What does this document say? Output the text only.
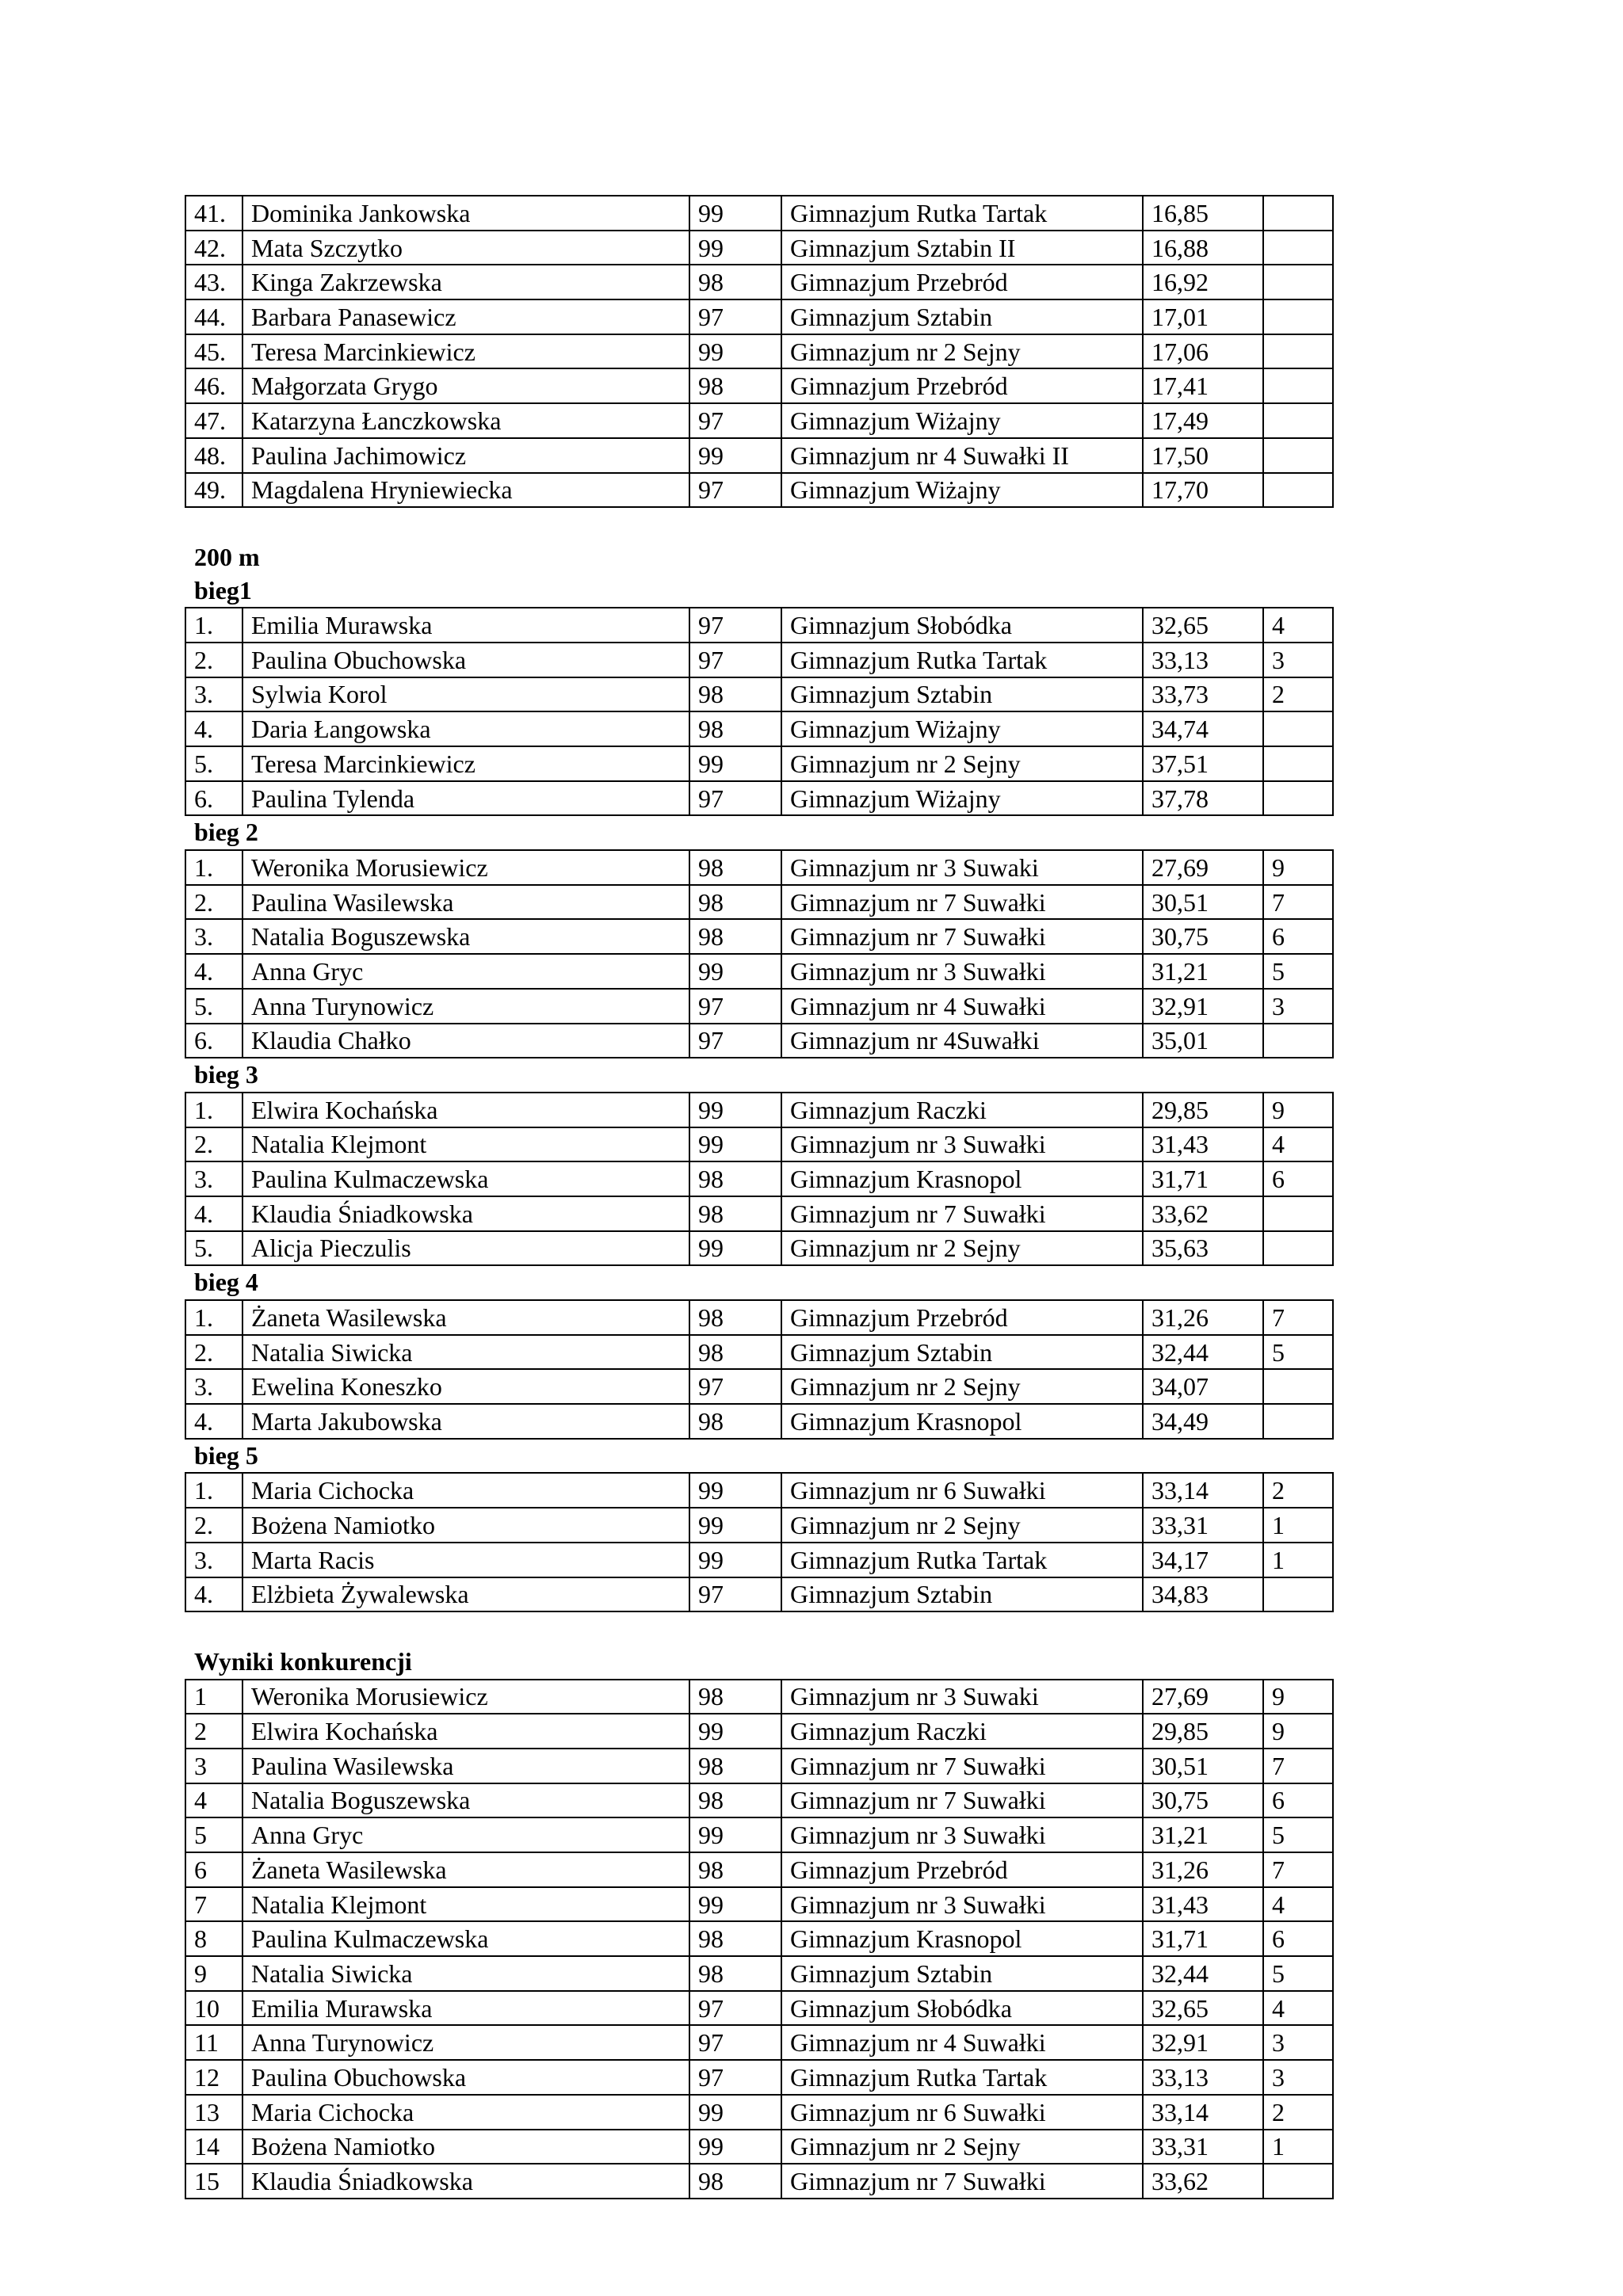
41.	Dominika Jankowska	99	Gimnazjum Rutka Tartak	16,85	
42.	Mata Szczytko	99	Gimnazjum Sztabin II	16,88	
43.	Kinga Zakrzewska	98	Gimnazjum Przebród	16,92	
44.	Barbara Panasewicz	97	Gimnazjum Sztabin	17,01	
45.	Teresa Marcinkiewicz	99	Gimnazjum nr 2 Sejny	17,06	
46.	Małgorzata Grygo	98	Gimnazjum Przebród	17,41	
47.	Katarzyna Łanczkowska	97	Gimnazjum Wiżajny	17,49	
48.	Paulina Jachimowicz	99	Gimnazjum nr 4 Suwałki II	17,50	
49.	Magdalena Hryniewiecka	97	Gimnazjum Wiżajny	17,70	
200 m
bieg1
1.	Emilia Murawska	97	Gimnazjum Słobódka	32,65	4
2.	Paulina Obuchowska	97	Gimnazjum Rutka Tartak	33,13	3
3.	Sylwia Korol	98	Gimnazjum Sztabin	33,73	2
4.	Daria Łangowska	98	Gimnazjum Wiżajny	34,74	
5.	Teresa Marcinkiewicz	99	Gimnazjum nr 2 Sejny	37,51	
6.	Paulina Tylenda	97	Gimnazjum Wiżajny	37,78	
bieg 2
1.	Weronika Morusiewicz	98	Gimnazjum nr 3 Suwaki	27,69	9
2.	Paulina Wasilewska	98	Gimnazjum nr 7 Suwałki	30,51	7
3.	Natalia Boguszewska	98	Gimnazjum nr 7 Suwałki	30,75	6
4.	Anna Gryc	99	Gimnazjum nr 3 Suwałki	31,21	5
5.	Anna Turynowicz	97	Gimnazjum nr 4 Suwałki	32,91	3
6.	Klaudia Chałko	97	Gimnazjum nr 4Suwałki	35,01	
bieg 3
1.	Elwira Kochańska	99	Gimnazjum Raczki	29,85	9
2.	Natalia Klejmont	99	Gimnazjum nr 3 Suwałki	31,43	4
3.	Paulina Kulmaczewska	98	Gimnazjum Krasnopol	31,71	6
4.	Klaudia Śniadkowska	98	Gimnazjum nr 7 Suwałki	33,62	
5.	Alicja Pieczulis	99	Gimnazjum nr 2 Sejny	35,63	
bieg 4
1.	Żaneta Wasilewska	98	Gimnazjum Przebród	31,26	7
2.	Natalia Siwicka	98	Gimnazjum Sztabin	32,44	5
3.	Ewelina Koneszko	97	Gimnazjum nr 2 Sejny	34,07	
4.	Marta Jakubowska	98	Gimnazjum Krasnopol	34,49	
bieg 5
1.	Maria Cichocka	99	Gimnazjum nr 6 Suwałki	33,14	2
2.	Bożena Namiotko	99	Gimnazjum nr 2 Sejny	33,31	1
3.	Marta Racis	99	Gimnazjum Rutka Tartak	34,17	1
4.	Elżbieta Żywalewska	97	Gimnazjum Sztabin	34,83	
Wyniki konkurencji
1	Weronika Morusiewicz	98	Gimnazjum nr 3 Suwaki	27,69	9
2	Elwira Kochańska	99	Gimnazjum Raczki	29,85	9
3	Paulina Wasilewska	98	Gimnazjum nr 7 Suwałki	30,51	7
4	Natalia Boguszewska	98	Gimnazjum nr 7 Suwałki	30,75	6
5	Anna Gryc	99	Gimnazjum nr 3 Suwałki	31,21	5
6	Żaneta Wasilewska	98	Gimnazjum Przebród	31,26	7
7	Natalia Klejmont	99	Gimnazjum nr 3 Suwałki	31,43	4
8	Paulina Kulmaczewska	98	Gimnazjum Krasnopol	31,71	6
9	Natalia Siwicka	98	Gimnazjum Sztabin	32,44	5
10	Emilia Murawska	97	Gimnazjum Słobódka	32,65	4
11	Anna Turynowicz	97	Gimnazjum nr 4 Suwałki	32,91	3
12	Paulina Obuchowska	97	Gimnazjum Rutka Tartak	33,13	3
13	Maria Cichocka	99	Gimnazjum nr 6 Suwałki	33,14	2
14	Bożena Namiotko	99	Gimnazjum nr 2 Sejny	33,31	1
15	Klaudia Śniadkowska	98	Gimnazjum nr 7 Suwałki	33,62	
